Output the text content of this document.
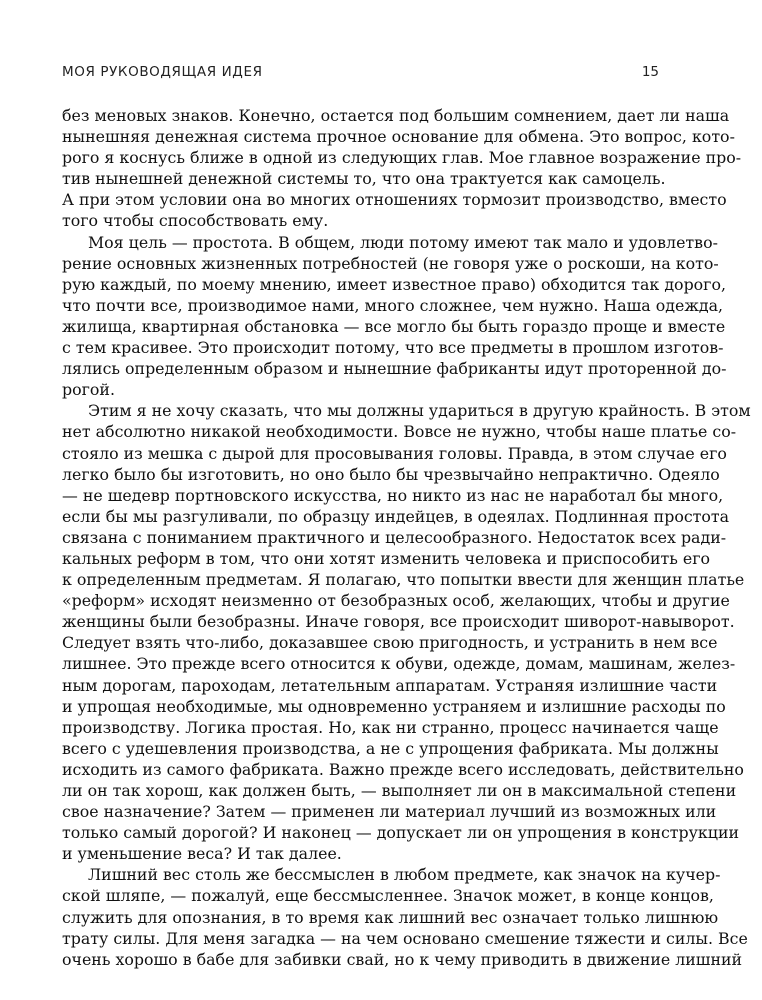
МОЯ РУКОВОДЯЩАЯ ИДЕЯ	15
без меновых знаков. Конечно, остается под большим сомнением, дает ли наша
нынешняя денежная система прочное основание для обмена. Это вопрос, кото-
рого я коснусь ближе в одной из следующих глав. Мое главное возражение про-
тив нынешней денежной системы то, что она трактуется как самоцель.
А при этом условии она во многих отношениях тормозит производство, вместо
того чтобы способствовать ему.
Моя цель — простота. В общем, люди потому имеют так мало и удовлетво-
рение основных жизненных потребностей (не говоря уже о роскоши, на кото-
рую каждый, по моему мнению, имеет известное право) обходится так дорого,
что почти все, производимое нами, много сложнее, чем нужно. Наша одежда,
жилища, квартирная обстановка — все могло бы быть гораздо проще и вместе
с тем красивее. Это происходит потому, что все предметы в прошлом изготов-
лялись определенным образом и нынешние фабриканты идут проторенной до-
рогой.
Этим я не хочу сказать, что мы должны удариться в другую крайность. В этом
нет абсолютно никакой необходимости. Вовсе не нужно, чтобы наше платье со-
стояло из мешка с дырой для просовывания головы. Правда, в этом случае его
легко было бы изготовить, но оно было бы чрезвычайно непрактично. Одеяло
— не шедевр портновского искусства, но никто из нас не наработал бы много,
если бы мы разгуливали, по образцу индейцев, в одеялах. Подлинная простота
связана с пониманием практичного и целесообразного. Недостаток всех ради-
кальных реформ в том, что они хотят изменить человека и приспособить его
к определенным предметам. Я полагаю, что попытки ввести для женщин платье
«реформ» исходят неизменно от безобразных особ, желающих, чтобы и другие
женщины были безобразны. Иначе говоря, все происходит шиворот-навыворот.
Следует взять что-либо, доказавшее свою пригодность, и устранить в нем все
лишнее. Это прежде всего относится к обуви, одежде, домам, машинам, желез-
ным дорогам, пароходам, летательным аппаратам. Устраняя излишние части
и упрощая необходимые, мы одновременно устраняем и излишние расходы по
производству. Логика простая. Но, как ни странно, процесс начинается чаще
всего с удешевления производства, а не с упрощения фабриката. Мы должны
исходить из самого фабриката. Важно прежде всего исследовать, действительно
ли он так хорош, как должен быть, — выполняет ли он в максимальной степени
свое назначение? Затем — применен ли материал лучший из возможных или
только самый дорогой? И наконец — допускает ли он упрощения в конструкции
и уменьшение веса? И так далее.
Лишний вес столь же бессмыслен в любом предмете, как значок на кучер-
ской шляпе, — пожалуй, еще бессмысленнее. Значок может, в конце концов,
служить для опознания, в то время как лишний вес означает только лишнюю
трату силы. Для меня загадка — на чем основано смешение тяжести и силы. Все
очень хорошо в бабе для забивки свай, но к чему приводить в движение лишний
